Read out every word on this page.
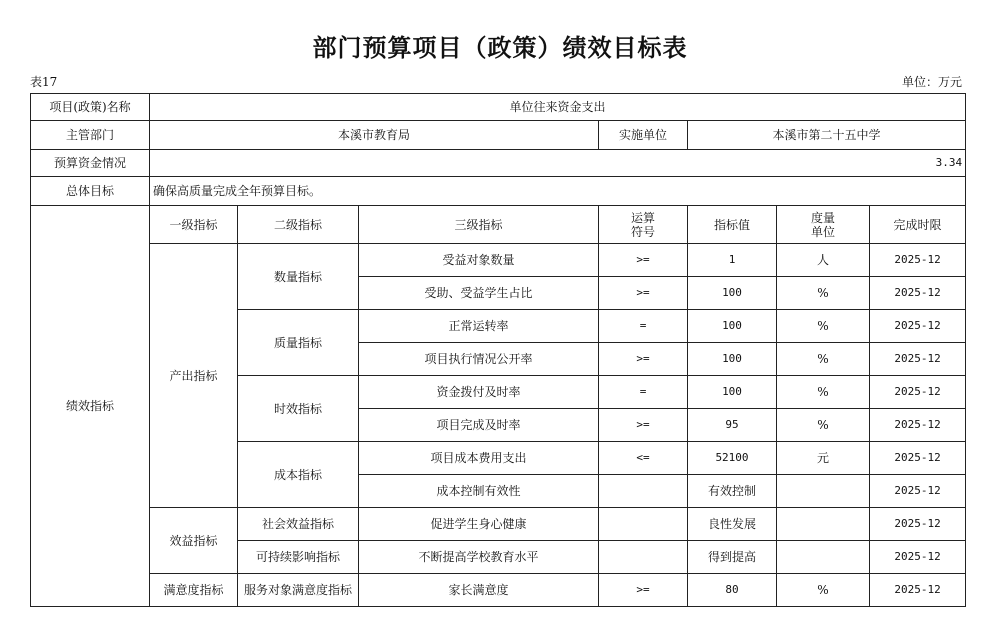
部门预算项目（政策）绩效目标表
表17	单位：万元
项目(政策)名称	单位往来资金支出						
主管部门	本溪市教育局			实施单位	本溪市第二十五中学		
预算资金情况	3.34						
总体目标	确保高质量完成全年预算目标。						
绩效指标	一级指标	二级指标	三级指标	运算符号	指标值	度量单位	完成时限
	产出指标	数量指标	受益对象数量	>=	1	人	2025-12
			受助、受益学生占比	>=	100	%	2025-12
		质量指标	正常运转率	=	100	%	2025-12
			项目执行情况公开率	>=	100	%	2025-12
		时效指标	资金拨付及时率	=	100	%	2025-12
			项目完成及时率	>=	95	%	2025-12
		成本指标	项目成本费用支出	<=	52100	元	2025-12
			成本控制有效性		有效控制		2025-12
	效益指标	社会效益指标	促进学生身心健康		良性发展		2025-12
		可持续影响指标	不断提高学校教育水平		得到提高		2025-12
	满意度指标	服务对象满意度指标	家长满意度	>=	80	%	2025-12
